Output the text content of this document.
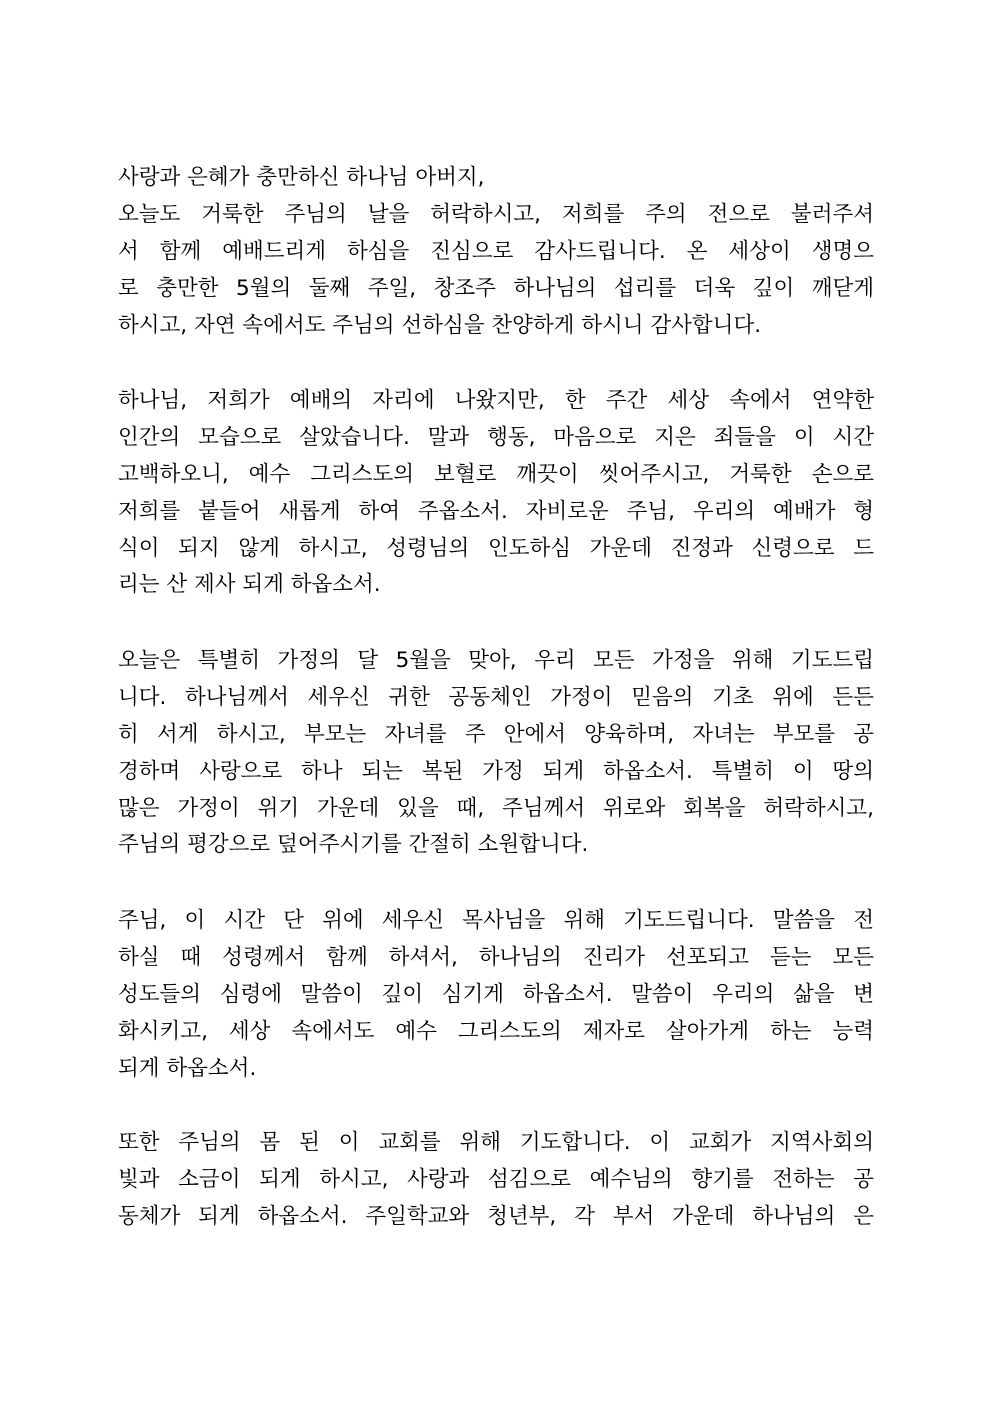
사랑과 은혜가 충만하신 하나님 아버지,
오늘도 거룩한 주님의 날을 허락하시고, 저희를 주의 전으로 불러주셔
서 함께 예배드리게 하심을 진심으로 감사드립니다. 온 세상이 생명으
로 충만한 5월의 둘째 주일, 창조주 하나님의 섭리를 더욱 깊이 깨닫게
하시고, 자연 속에서도 주님의 선하심을 찬양하게 하시니 감사합니다.
하나님, 저희가 예배의 자리에 나왔지만, 한 주간 세상 속에서 연약한
인간의 모습으로 살았습니다. 말과 행동, 마음으로 지은 죄들을 이 시간
고백하오니, 예수 그리스도의 보혈로 깨끗이 씻어주시고, 거룩한 손으로
저희를 붙들어 새롭게 하여 주옵소서. 자비로운 주님, 우리의 예배가 형
식이 되지 않게 하시고, 성령님의 인도하심 가운데 진정과 신령으로 드
리는 산 제사 되게 하옵소서.
오늘은 특별히 가정의 달 5월을 맞아, 우리 모든 가정을 위해 기도드립
니다. 하나님께서 세우신 귀한 공동체인 가정이 믿음의 기초 위에 든든
히 서게 하시고, 부모는 자녀를 주 안에서 양육하며, 자녀는 부모를 공
경하며 사랑으로 하나 되는 복된 가정 되게 하옵소서. 특별히 이 땅의
많은 가정이 위기 가운데 있을 때, 주님께서 위로와 회복을 허락하시고,
주님의 평강으로 덮어주시기를 간절히 소원합니다.
주님, 이 시간 단 위에 세우신 목사님을 위해 기도드립니다. 말씀을 전
하실 때 성령께서 함께 하셔서, 하나님의 진리가 선포되고 듣는 모든
성도들의 심령에 말씀이 깊이 심기게 하옵소서. 말씀이 우리의 삶을 변
화시키고, 세상 속에서도 예수 그리스도의 제자로 살아가게 하는 능력
되게 하옵소서.
또한 주님의 몸 된 이 교회를 위해 기도합니다. 이 교회가 지역사회의
빛과 소금이 되게 하시고, 사랑과 섬김으로 예수님의 향기를 전하는 공
동체가 되게 하옵소서. 주일학교와 청년부, 각 부서 가운데 하나님의 은
